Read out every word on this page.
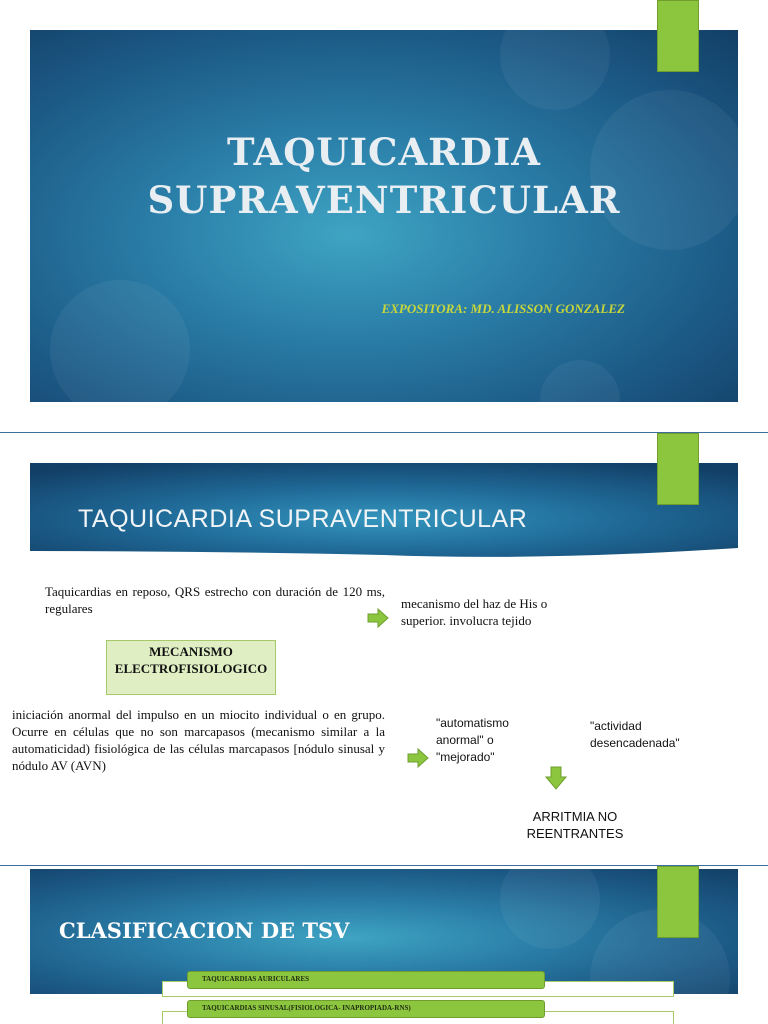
TAQUICARDIA
SUPRAVENTRICULAR
EXPOSITORA: MD. ALISSON GONZALEZ
TAQUICARDIA SUPRAVENTRICULAR
Taquicardias en reposo, QRS estrecho con duración de 120 ms, regulares	mecanismo del haz de His o superior. involucra tejido
MECANISMO ELECTROFISIOLOGICO
iniciación anormal del impulso en un miocito individual o en grupo. Ocurre en células que no son marcapasos (mecanismo similar a la automaticidad) fisiológica de las células marcapasos [nódulo sinusal y nódulo AV (AVN)
"automatismo anormal" o "mejorado"
"actividad desencadenada"
ARRITMIA NO REENTRANTES
CLASIFICACION DE TSV
TAQUICARDIAS AURICULARES
TAQUICARDIAS SINUSAL(FISIOLOGICA- INAPROPIADA-RNS)
